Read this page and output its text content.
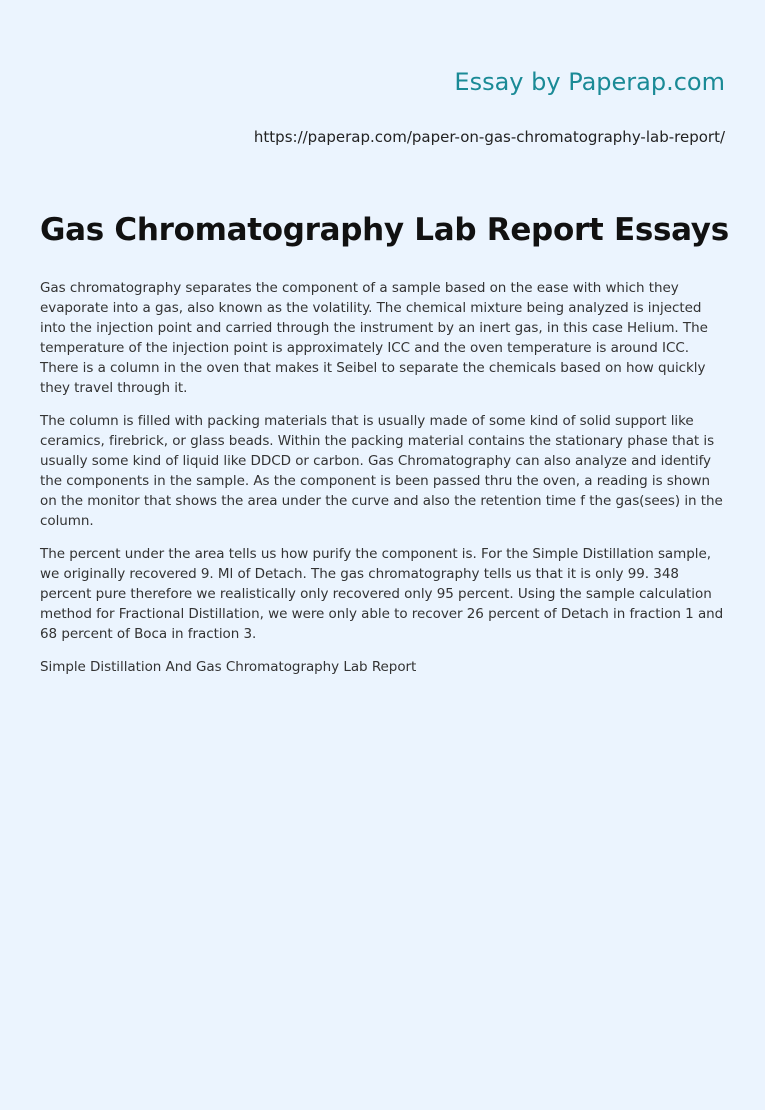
Essay by Paperap.com
https://paperap.com/paper-on-gas-chromatography-lab-report/
Gas Chromatography Lab Report Essays

Gas chromatography separates the component of a sample based on the ease with which they evaporate into a gas, also known as the volatility. The chemical mixture being analyzed is injected into the injection point and carried through the instrument by an inert gas, in this case Helium. The temperature of the injection point is approximately ICC and the oven temperature is around ICC. There is a column in the oven that makes it Seibel to separate the chemicals based on how quickly they travel through it.

The column is filled with packing materials that is usually made of some kind of solid support like ceramics, firebrick, or glass beads. Within the packing material contains the stationary phase that is usually some kind of liquid like DDCD or carbon. Gas Chromatography can also analyze and identify the components in the sample. As the component is been passed thru the oven, a reading is shown on the monitor that shows the area under the curve and also the retention time f the gas(sees) in the column.

The percent under the area tells us how purify the component is. For the Simple Distillation sample, we originally recovered 9. Ml of Detach. The gas chromatography tells us that it is only 99. 348 percent pure therefore we realistically only recovered only 95 percent. Using the sample calculation method for Fractional Distillation, we were only able to recover 26 percent of Detach in fraction 1 and 68 percent of Boca in fraction 3.

Simple Distillation And Gas Chromatography Lab Report
